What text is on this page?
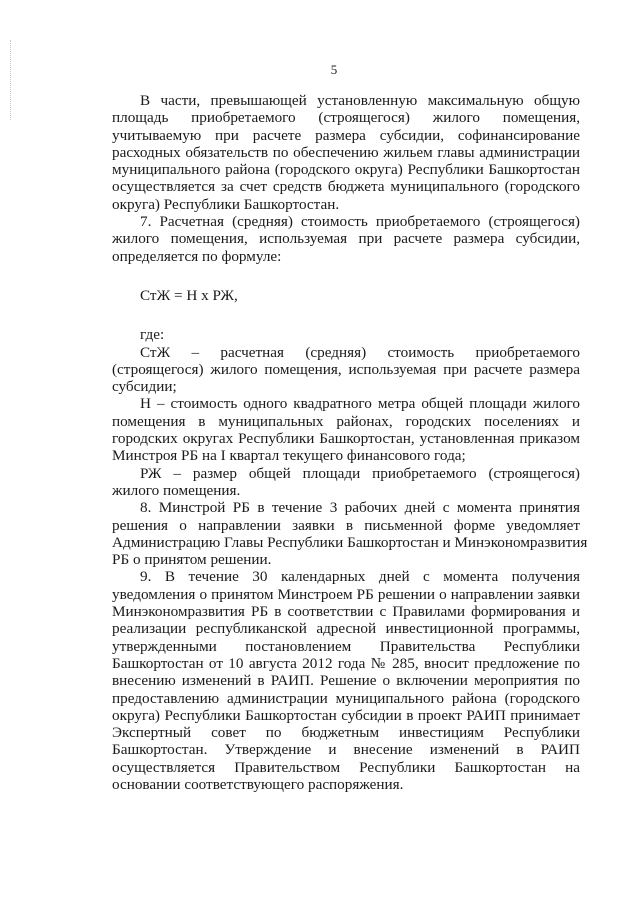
5
В части, превышающей установленную максимальную общую
площадь приобретаемого (строящегося) жилого помещения,
учитываемую при расчете размера субсидии, софинансирование
расходных обязательств по обеспечению жильем главы администрации
муниципального района (городского округа) Республики Башкортостан
осуществляется за счет средств бюджета муниципального (городского
округа) Республики Башкортостан.
7. Расчетная (средняя) стоимость приобретаемого (строящегося)
жилого помещения, используемая при расчете размера субсидии,
определяется по формуле:
СтЖ = Н х РЖ,
где:
СтЖ – расчетная (средняя) стоимость приобретаемого
(строящегося) жилого помещения, используемая при расчете размера
субсидии;
Н – стоимость одного квадратного метра общей площади жилого
помещения в муниципальных районах, городских поселениях и
городских округах Республики Башкортостан, установленная приказом
Минстроя РБ на I квартал текущего финансового года;
РЖ – размер общей площади приобретаемого (строящегося)
жилого помещения.
8. Минстрой РБ в течение 3 рабочих дней с момента принятия
решения о направлении заявки в письменной форме уведомляет
Администрацию Главы Республики Башкортостан и Минэкономразвития
РБ о принятом решении.
9. В течение 30 календарных дней с момента получения
уведомления о принятом Минстроем РБ решении о направлении заявки
Минэкономразвития РБ в соответствии с Правилами формирования и
реализации республиканской адресной инвестиционной программы,
утвержденными постановлением Правительства Республики
Башкортостан от 10 августа 2012 года № 285, вносит предложение по
внесению изменений в РАИП. Решение о включении мероприятия по
предоставлению администрации муниципального района (городского
округа) Республики Башкортостан субсидии в проект РАИП принимает
Экспертный совет по бюджетным инвестициям Республики
Башкортостан. Утверждение и внесение изменений в РАИП
осуществляется Правительством Республики Башкортостан на
основании соответствующего распоряжения.
